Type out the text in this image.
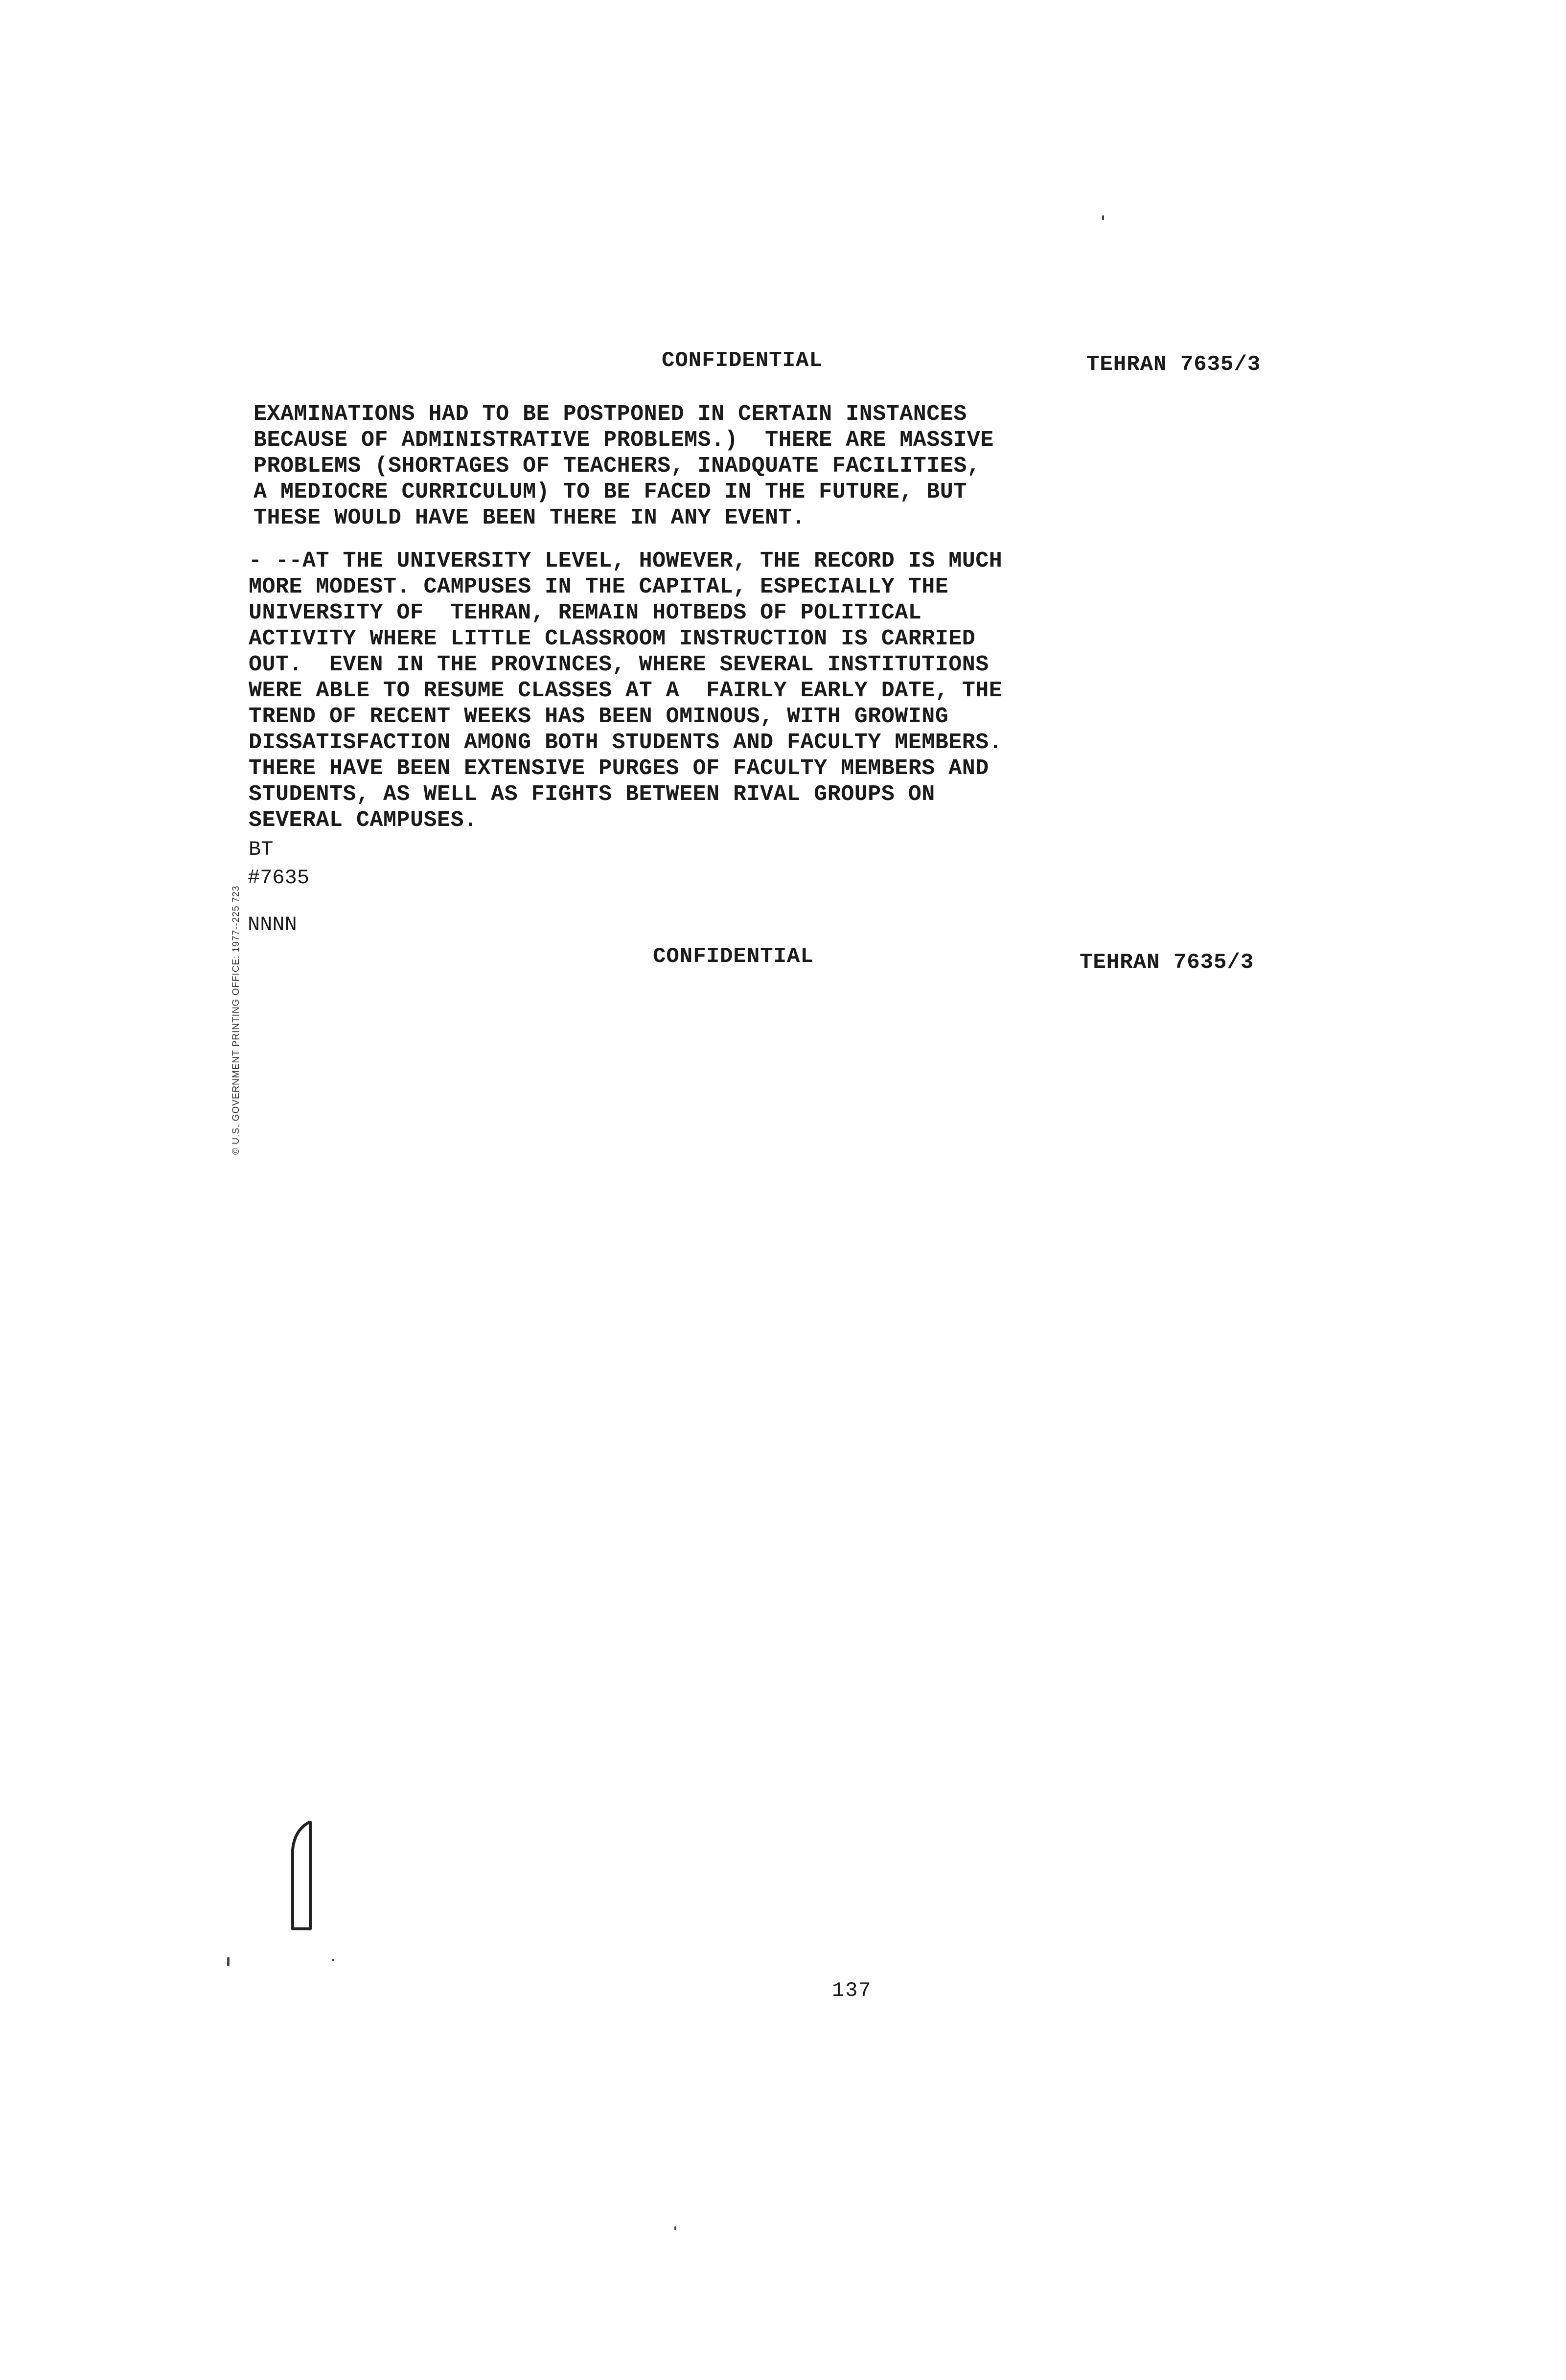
CONFIDENTIAL	TEHRAN 7635/3
EXAMINATIONS HAD TO BE POSTPONED IN CERTAIN INSTANCES
BECAUSE OF ADMINISTRATIVE PROBLEMS.)  THERE ARE MASSIVE
PROBLEMS (SHORTAGES OF TEACHERS, INADQUATE FACILITIES,
A MEDIOCRE CURRICULUM) TO BE FACED IN THE FUTURE, BUT
THESE WOULD HAVE BEEN THERE IN ANY EVENT.
- --AT THE UNIVERSITY LEVEL, HOWEVER, THE RECORD IS MUCH
MORE MODEST. CAMPUSES IN THE CAPITAL, ESPECIALLY THE
UNIVERSITY OF  TEHRAN, REMAIN HOTBEDS OF POLITICAL
ACTIVITY WHERE LITTLE CLASSROOM INSTRUCTION IS CARRIED
OUT.  EVEN IN THE PROVINCES, WHERE SEVERAL INSTITUTIONS
WERE ABLE TO RESUME CLASSES AT A  FAIRLY EARLY DATE, THE
TREND OF RECENT WEEKS HAS BEEN OMINOUS, WITH GROWING
DISSATISFACTION AMONG BOTH STUDENTS AND FACULTY MEMBERS.
THERE HAVE BEEN EXTENSIVE PURGES OF FACULTY MEMBERS AND
STUDENTS, AS WELL AS FIGHTS BETWEEN RIVAL GROUPS ON
SEVERAL CAMPUSES.
BT
#7635
NNNN
CONFIDENTIAL	TEHRAN 7635/3
© U.S. GOVERNMENT PRINTING OFFICE: 1977--225 723
137
